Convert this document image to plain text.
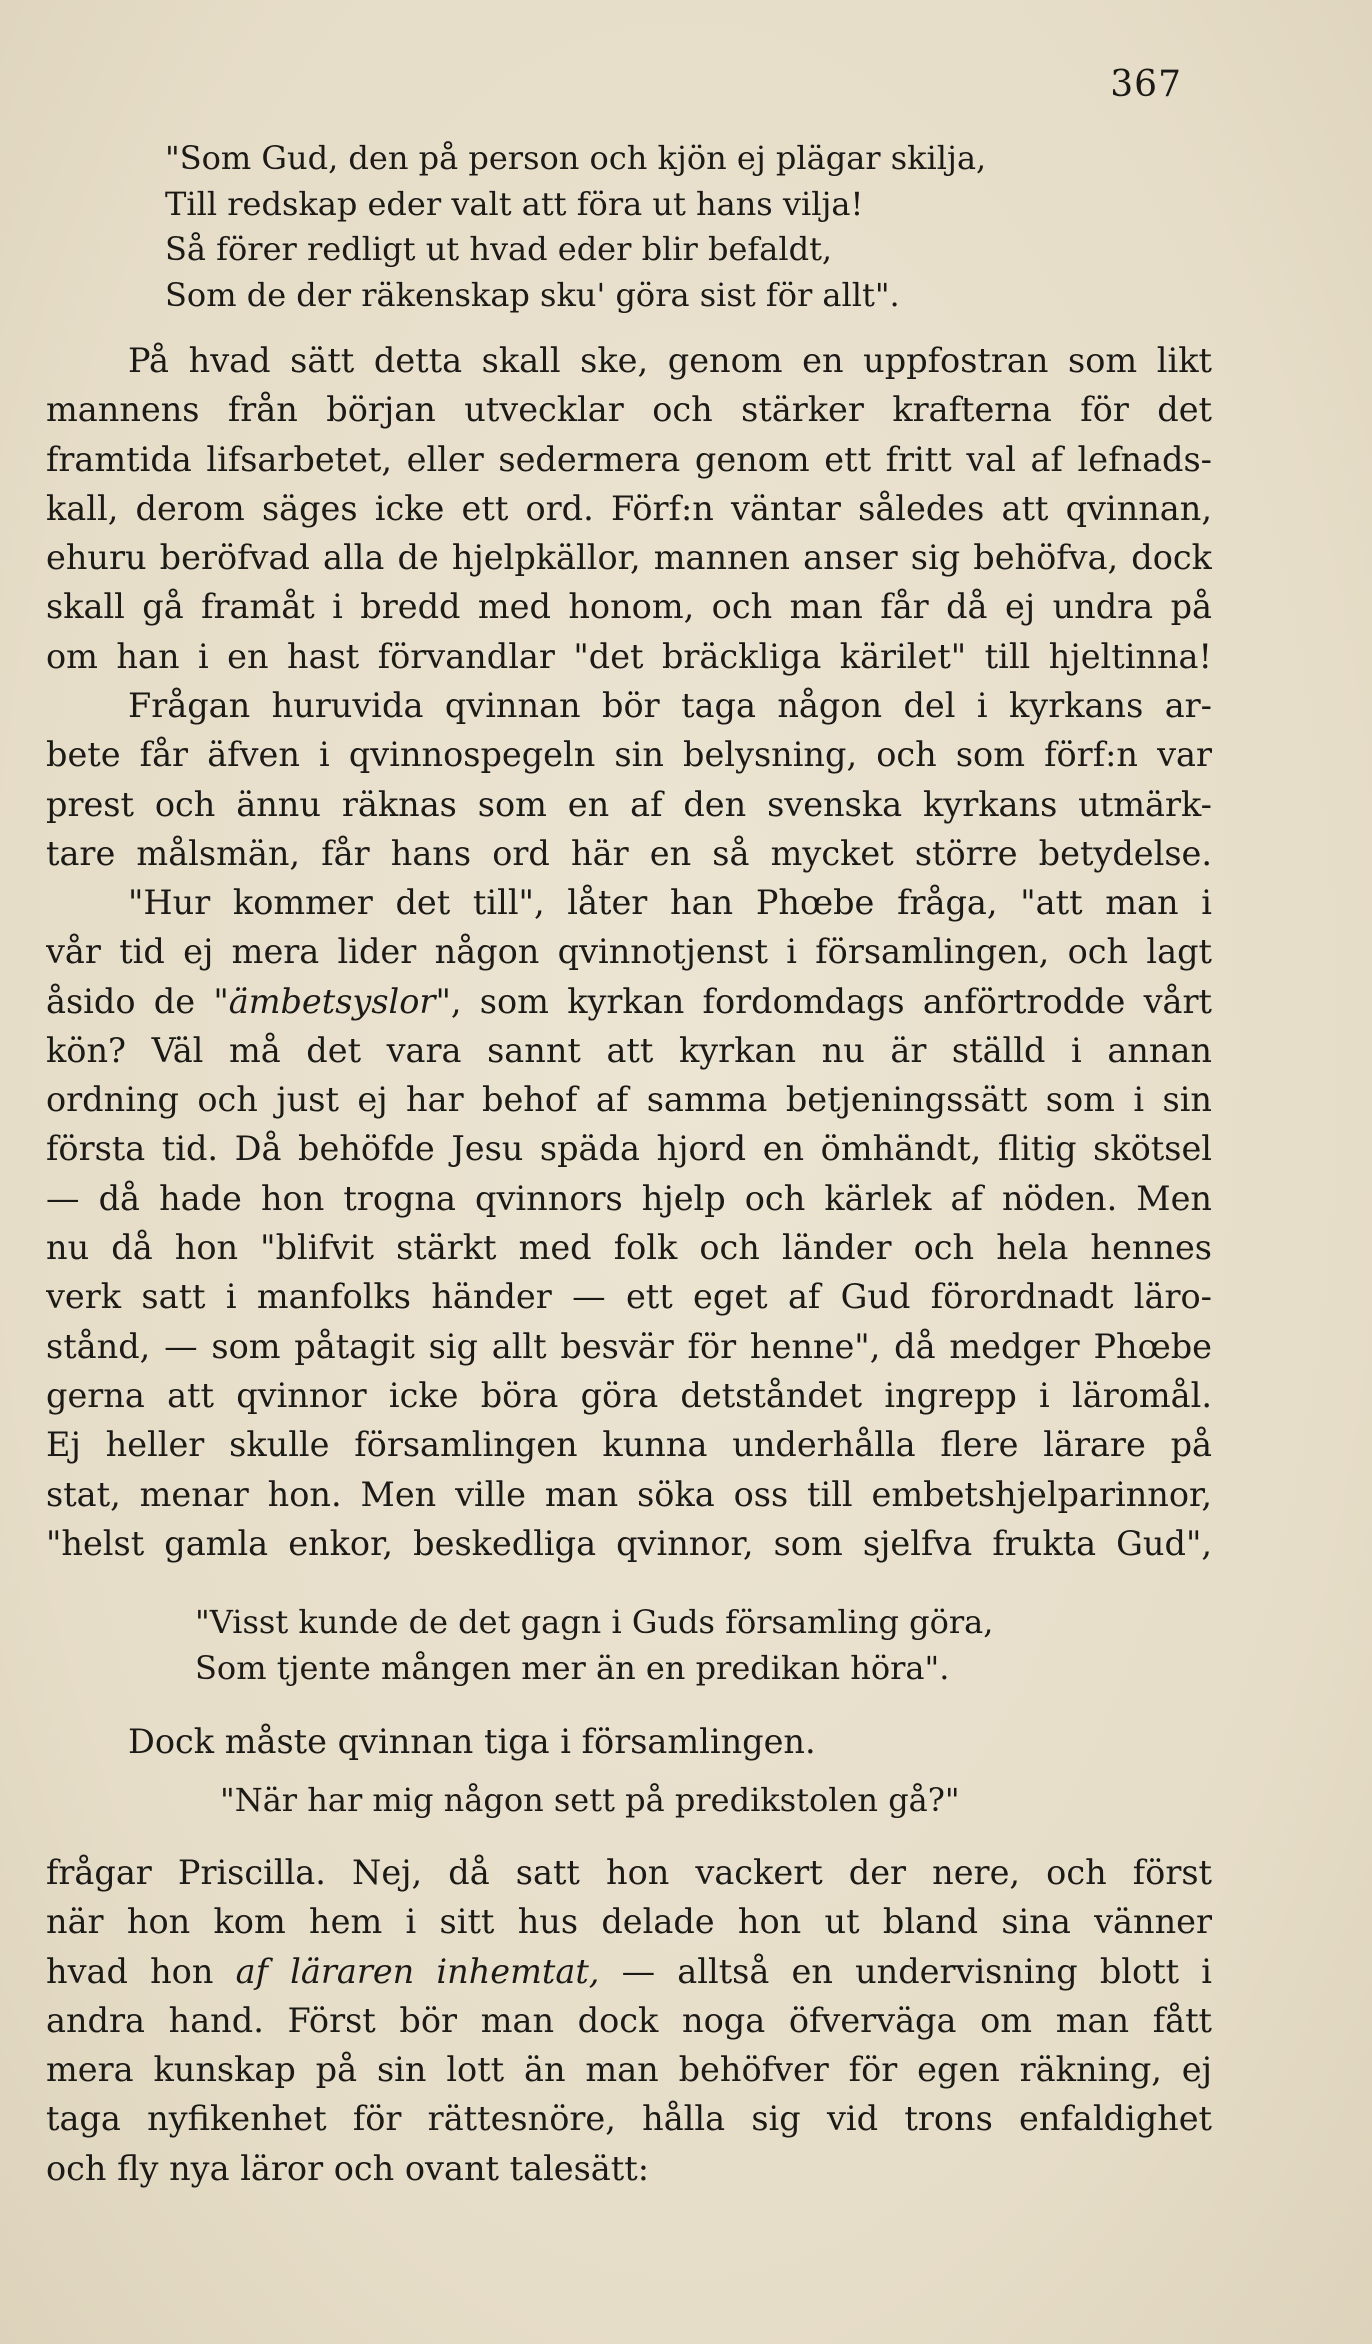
367
"Som Gud, den på person och kjön ej plägar skilja,
Till redskap eder valt att föra ut hans vilja!
Så förer redligt ut hvad eder blir befaldt,
Som de der räkenskap sku' göra sist för allt".
På hvad sätt detta skall ske, genom en uppfostran som likt
mannens från början utvecklar och stärker krafterna för det
framtida lifsarbetet, eller sedermera genom ett fritt val af lefnads-
kall, derom säges icke ett ord. Förf:n väntar således att qvinnan,
ehuru beröfvad alla de hjelpkällor, mannen anser sig behöfva, dock
skall gå framåt i bredd med honom, och man får då ej undra på
om han i en hast förvandlar "det bräckliga kärilet" till hjeltinna!
Frågan huruvida qvinnan bör taga någon del i kyrkans ar-
bete får äfven i qvinnospegeln sin belysning, och som förf:n var
prest och ännu räknas som en af den svenska kyrkans utmärk-
tare målsmän, får hans ord här en så mycket större betydelse.
"Hur kommer det till", låter han Phœbe fråga, "att man i
vår tid ej mera lider någon qvinnotjenst i församlingen, och lagt
åsido de "ämbetsyslor", som kyrkan fordomdags anförtrodde vårt
kön? Väl må det vara sannt att kyrkan nu är ställd i annan
ordning och just ej har behof af samma betjeningssätt som i sin
första tid. Då behöfde Jesu späda hjord en ömhändt, flitig skötsel
— då hade hon trogna qvinnors hjelp och kärlek af nöden. Men
nu då hon "blifvit stärkt med folk och länder och hela hennes
verk satt i manfolks händer — ett eget af Gud förordnadt läro-
stånd, — som påtagit sig allt besvär för henne", då medger Phœbe
gerna att qvinnor icke böra göra detståndet ingrepp i läromål.
Ej heller skulle församlingen kunna underhålla flere lärare på
stat, menar hon. Men ville man söka oss till embetshjelparinnor,
"helst gamla enkor, beskedliga qvinnor, som sjelfva frukta Gud",
"Visst kunde de det gagn i Guds församling göra,
Som tjente mången mer än en predikan höra".
Dock måste qvinnan tiga i församlingen.
"När har mig någon sett på predikstolen gå?"
frågar Priscilla. Nej, då satt hon vackert der nere, och först
när hon kom hem i sitt hus delade hon ut bland sina vänner
hvad hon af läraren inhemtat, — alltså en undervisning blott i
andra hand. Först bör man dock noga öfverväga om man fått
mera kunskap på sin lott än man behöfver för egen räkning, ej
taga nyfikenhet för rättesnöre, hålla sig vid trons enfaldighet
och fly nya läror och ovant talesätt:
